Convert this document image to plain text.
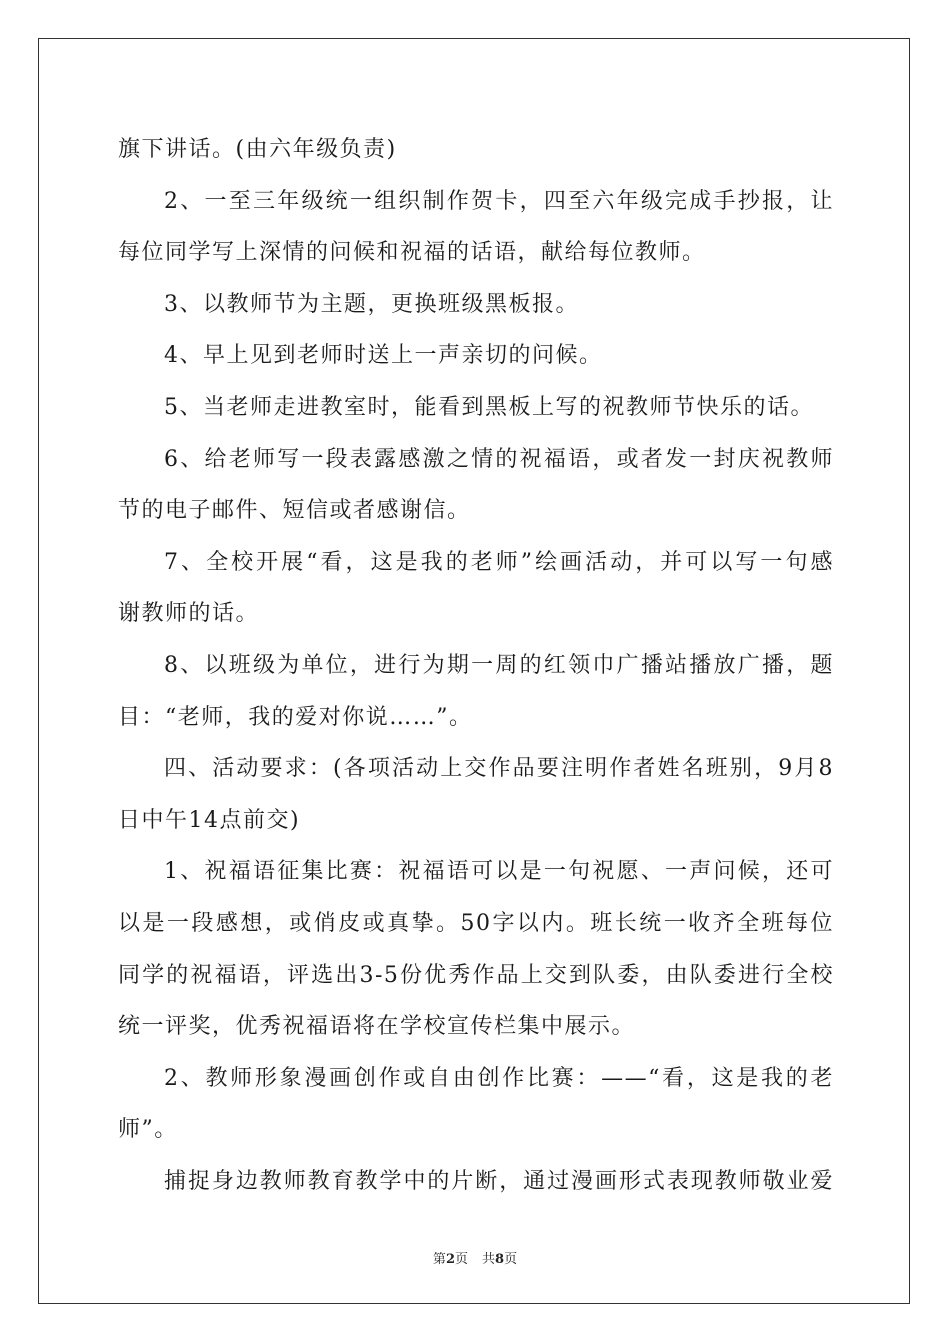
旗下讲话。(由六年级负责)
2、一至三年级统一组织制作贺卡，四至六年级完成手抄报，让
每位同学写上深情的问候和祝福的话语，献给每位教师。
3、以教师节为主题，更换班级黑板报。
4、早上见到老师时送上一声亲切的问候。
5、当老师走进教室时，能看到黑板上写的祝教师节快乐的话。
6、给老师写一段表露感激之情的祝福语，或者发一封庆祝教师
节的电子邮件、短信或者感谢信。
7、全校开展“看，这是我的老师”绘画活动，并可以写一句感
谢教师的话。
8、以班级为单位，进行为期一周的红领巾广播站播放广播，题
目：“老师，我的爱对你说……”。
四、活动要求：(各项活动上交作品要注明作者姓名班别，9月8
日中午14点前交)
1、祝福语征集比赛：祝福语可以是一句祝愿、一声问候，还可
以是一段感想，或俏皮或真挚。50字以内。班长统一收齐全班每位
同学的祝福语，评选出3-5份优秀作品上交到队委，由队委进行全校
统一评奖，优秀祝福语将在学校宣传栏集中展示。
2、教师形象漫画创作或自由创作比赛：——“看，这是我的老
师”。
捕捉身边教师教育教学中的片断，通过漫画形式表现教师敬业爱
第2页 共8页
